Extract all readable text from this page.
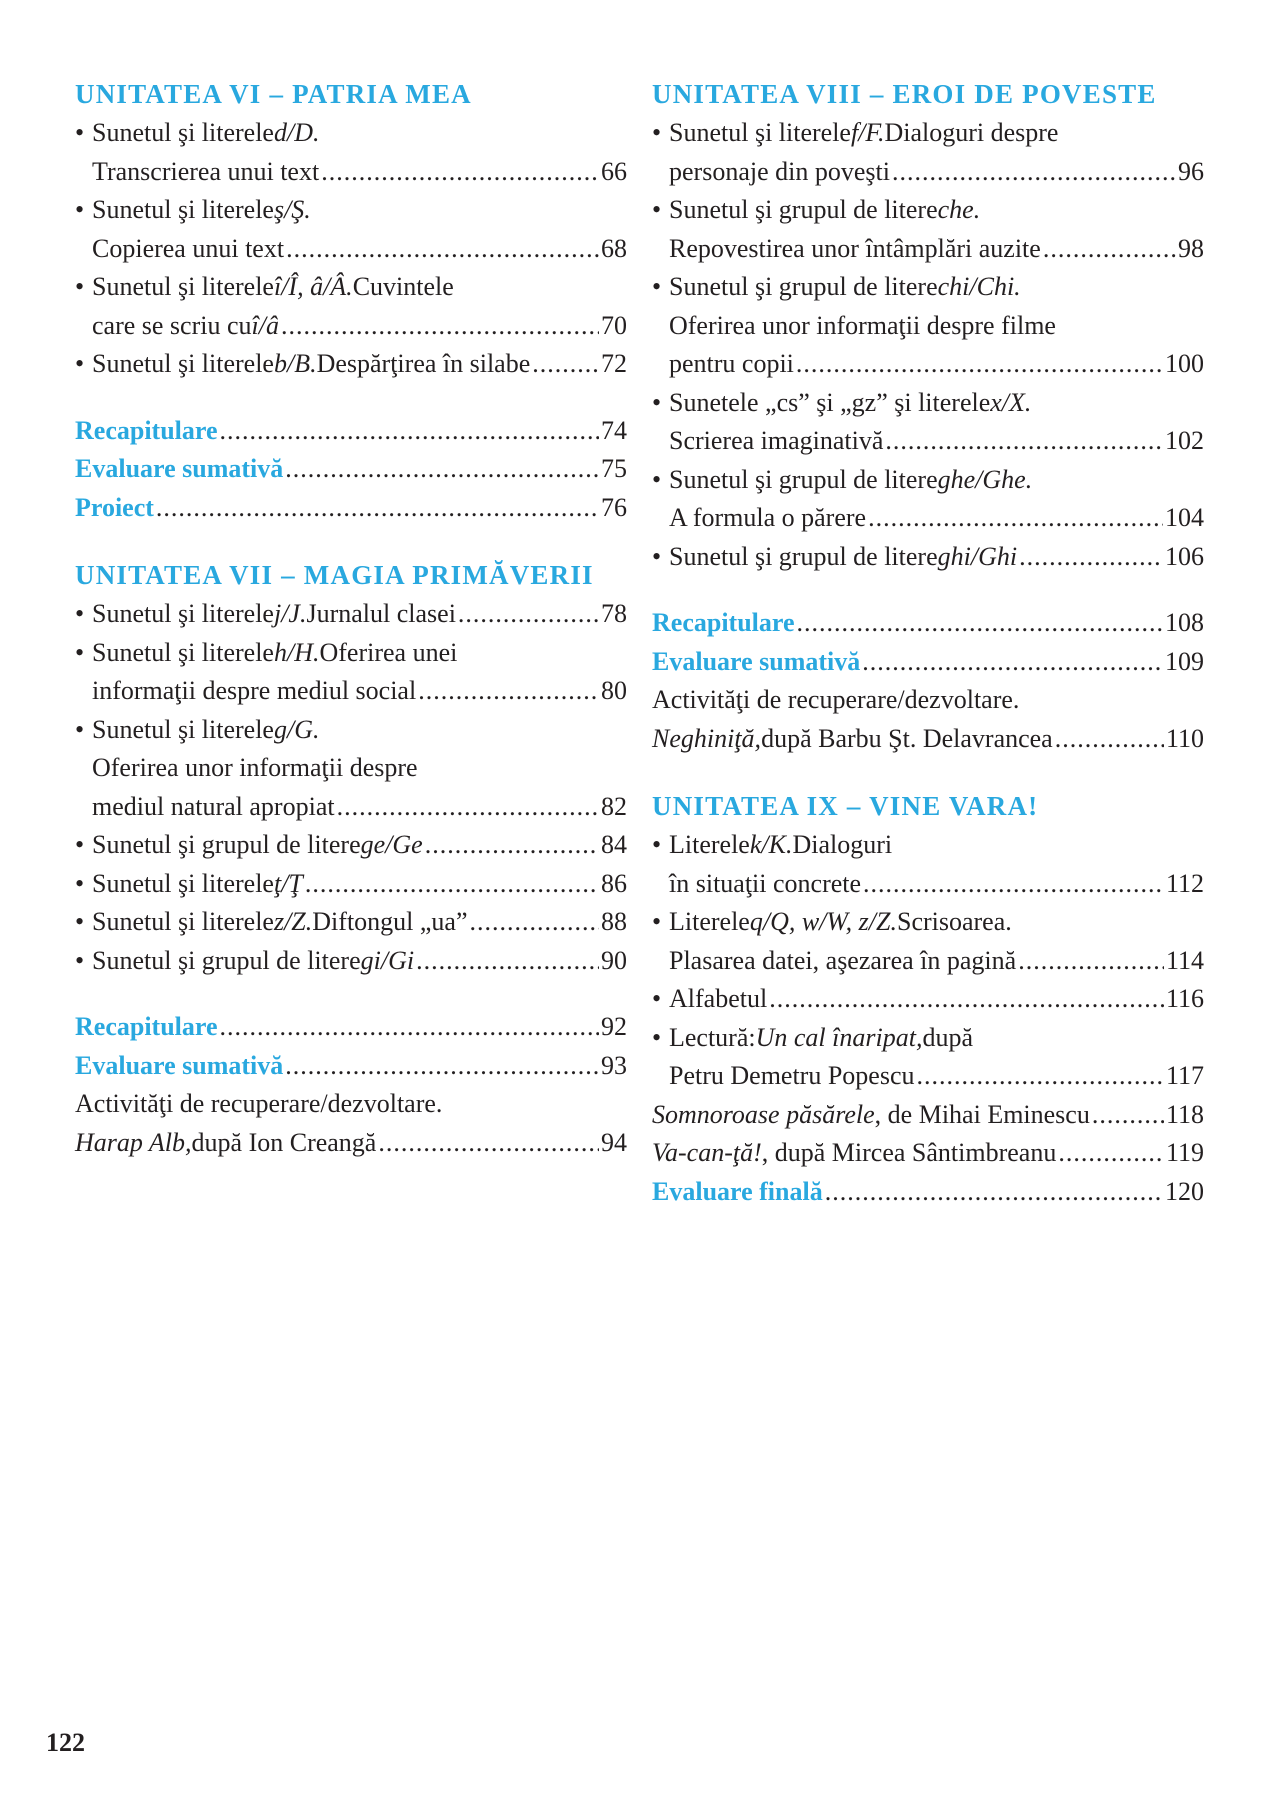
UNITATEA VI – PATRIA MEA
• Sunetul şi literele d/D.
Transcrierea unui text .....	66
• Sunetul şi literele ş/Ş.
Copierea unui text .....	68
• Sunetul şi literele î/Î, â/Â. Cuvintele
care se scriu cu î/â .....	70
• Sunetul şi literele b/B. Despărţirea în silabe .....	72
Recapitulare .....	74
Evaluare sumativă .....	75
Proiect .....	76
UNITATEA VII – MAGIA PRIMĂVERII
• Sunetul şi literele j/J. Jurnalul clasei .....	78
• Sunetul şi literele h/H. Oferirea unei
informaţii despre mediul social .....	80
• Sunetul şi literele g/G.
Oferirea unor informaţii despre
mediul natural apropiat .....	82
• Sunetul şi grupul de litere ge/Ge .....	84
• Sunetul şi literele ţ/Ţ .....	86
• Sunetul şi literele z/Z. Diftongul „ua” .....	88
• Sunetul şi grupul de litere gi/Gi .....	90
Recapitulare .....	92
Evaluare sumativă .....	93
Activităţi de recuperare/dezvoltare.
Harap Alb, după Ion Creangă .....	94
UNITATEA VIII – EROI DE POVESTE
• Sunetul şi literele f/F. Dialoguri despre
personaje din poveşti .....	96
• Sunetul şi grupul de litere che.
Repovestirea unor întâmplări auzite .....	98
• Sunetul şi grupul de litere chi/Chi.
Oferirea unor informaţii despre filme
pentru copii .....	100
• Sunetele „cs” şi „gz” şi literele x/X.
Scrierea imaginativă .....	102
• Sunetul şi grupul de litere ghe/Ghe.
A formula o părere .....	104
• Sunetul şi grupul de litere ghi/Ghi .....	106
Recapitulare .....	108
Evaluare sumativă .....	109
Activităţi de recuperare/dezvoltare.
Neghiniţă, după Barbu Şt. Delavrancea .....	110
UNITATEA IX – VINE VARA!
• Literele k/K. Dialoguri
în situaţii concrete .....	112
• Literele q/Q, w/W, z/Z. Scrisoarea.
Plasarea datei, aşezarea în pagină .....	114
• Alfabetul .....	116
• Lectură: Un cal înaripat, după
Petru Demetru Popescu .....	117
Somnoroase păsărele , de Mihai Eminescu .....	118
Va-can-ţă! , după Mircea Sântimbreanu .....	119
Evaluare finală .....	120
122
